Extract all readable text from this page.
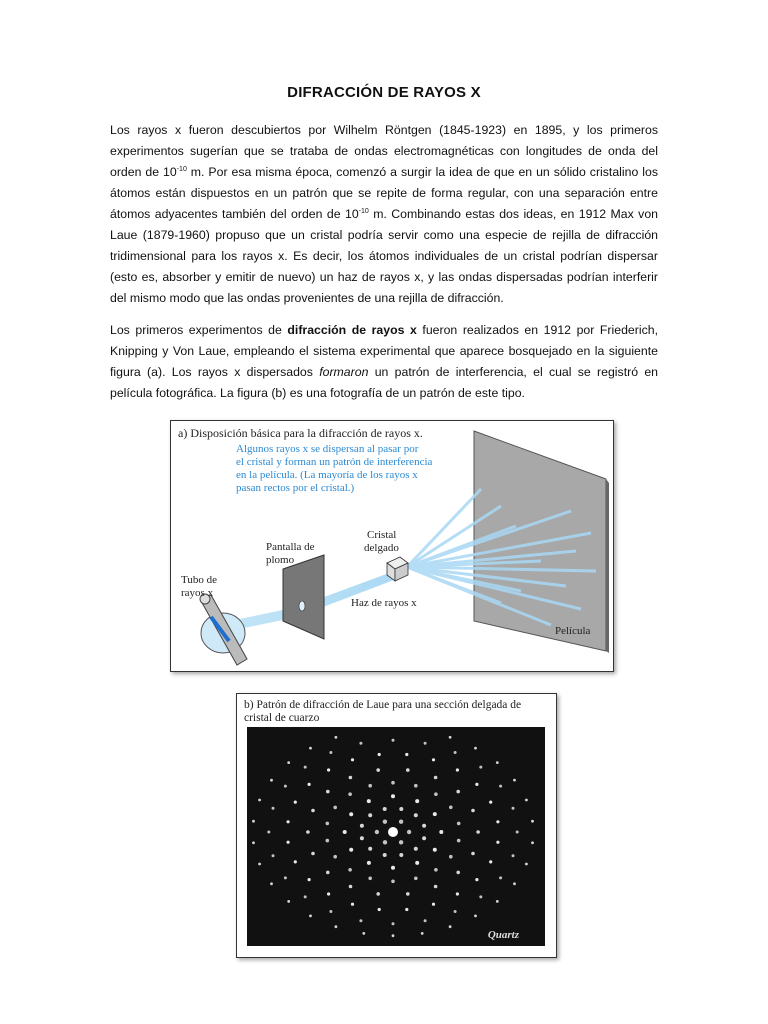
DIFRACCIÓN DE RAYOS X
Los rayos x fueron descubiertos por Wilhelm Röntgen (1845-1923) en 1895, y los primeros experimentos sugerían que se trataba de ondas electromagnéticas con longitudes de onda del orden de $10^{-10}$ m. Por esa misma época, comenzó a surgir la idea de que en un sólido cristalino los átomos están dispuestos en un patrón que se repite de forma regular, con una separación entre átomos adyacentes también del orden de $10^{-10}$ m. Combinando estas dos ideas, en 1912 Max von Laue (1879-1960) propuso que un cristal podría servir como una especie de rejilla de difracción tridimensional para los rayos x. Es decir, los átomos individuales de un cristal podrían dispersar (esto es, absorber y emitir de nuevo) un haz de rayos x, y las ondas dispersadas podrían interferir del mismo modo que las ondas provenientes de una rejilla de difracción.
Los primeros experimentos de difracción de rayos x fueron realizados en 1912 por Friederich, Knipping y Von Laue, empleando el sistema experimental que aparece bosquejado en la siguiente figura (a). Los rayos x dispersados formaron un patrón de interferencia, el cual se registró en película fotográfica. La figura (b) es una fotografía de un patrón de este tipo.
a) Disposición básica para la difracción de rayos x.
Algunos rayos x se dispersan al pasar por
el cristal y forman un patrón de interferencia
en la película. (La mayoría de los rayos x
pasan rectos por el cristal.)
Cristal
delgado
Pantalla de
plomo
Tubo de
rayos x
Haz de rayos x
Película
b) Patrón de difracción de Laue para una sección delgada de
cristal de cuarzo
Quartz
